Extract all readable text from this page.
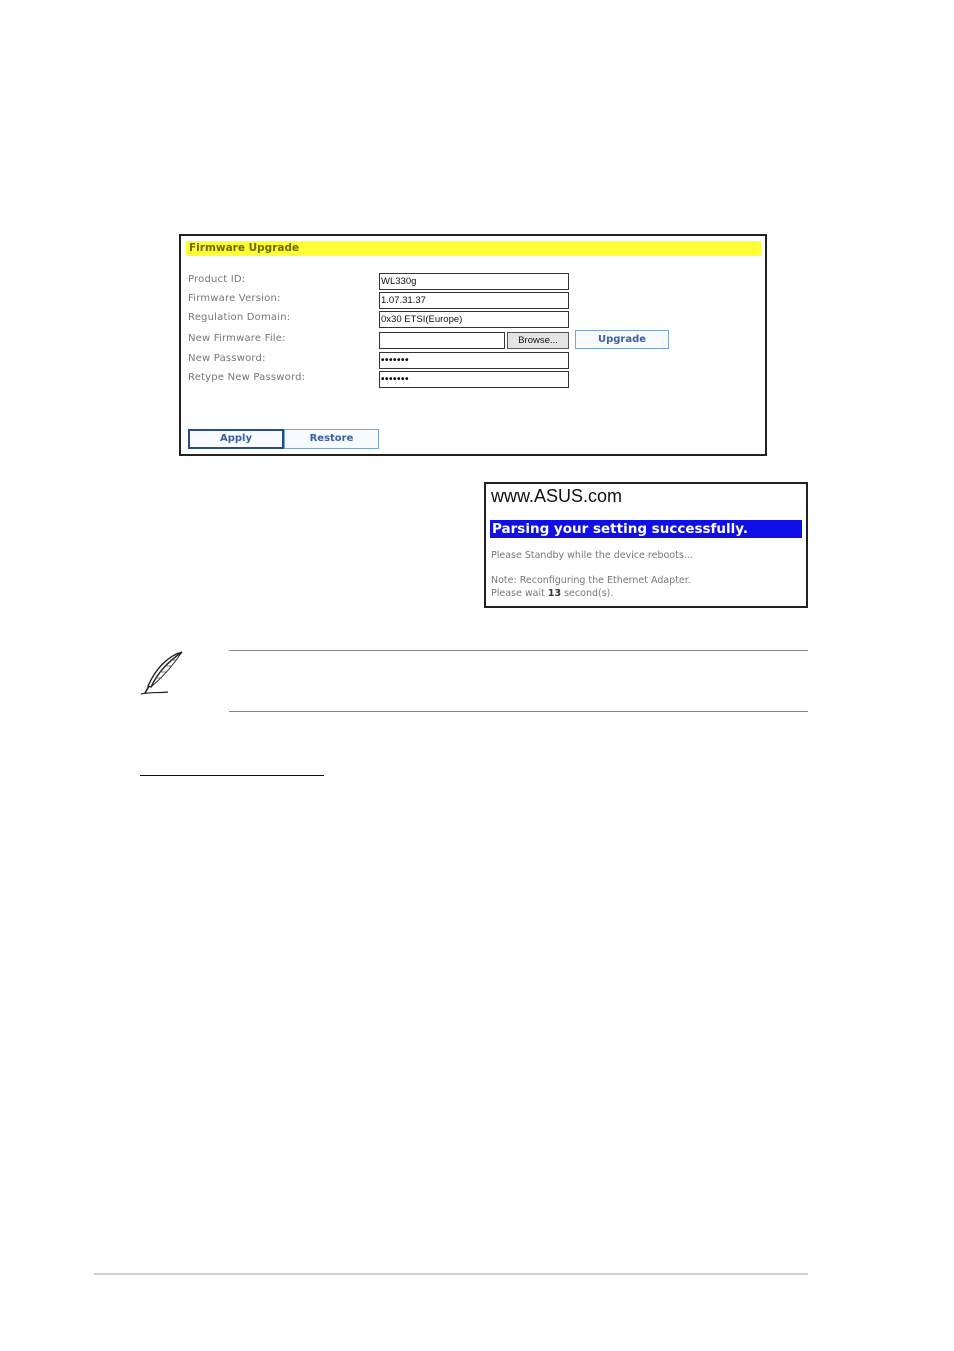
Firmware Upgrade
Product ID:	WL330g
Firmware Version:	1.07.31.37
Regulation Domain:	0x30 ETSI(Europe)
New Firmware File:	Browse...	Upgrade
New Password:	•••••••
Retype New Password:	•••••••
Apply	Restore
www.ASUS.com
Parsing your setting successfully.
Please Standby while the device reboots...
Note: Reconfiguring the Ethernet Adapter.
Please wait 13 second(s).
